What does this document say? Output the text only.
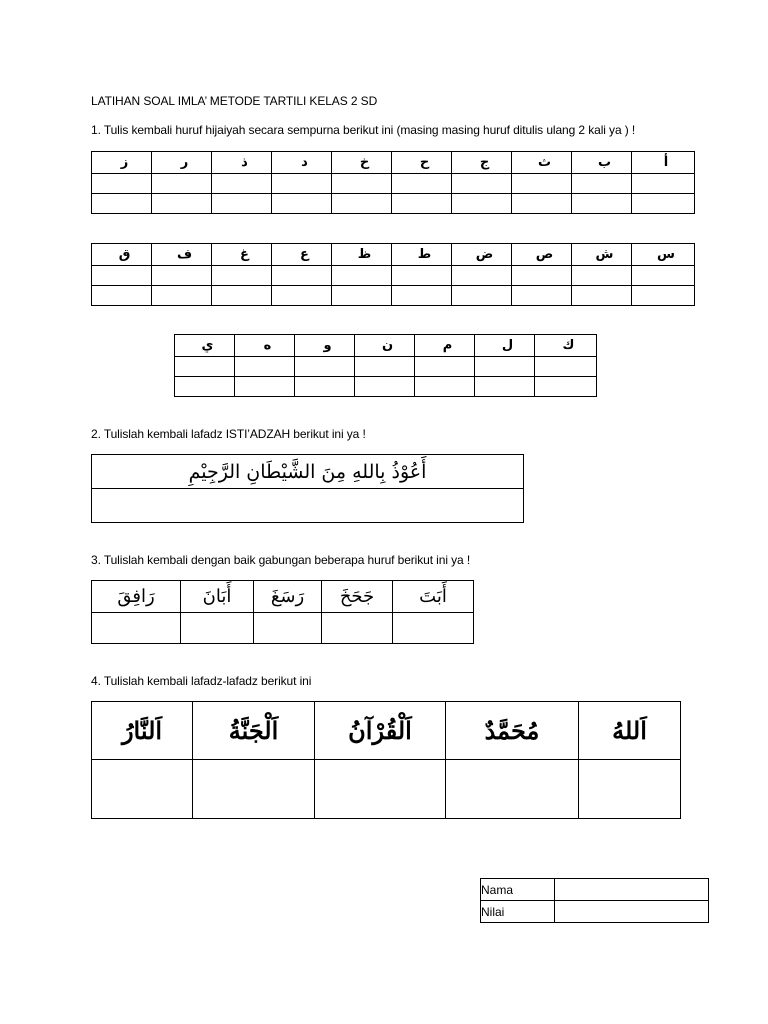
LATIHAN SOAL IMLA’ METODE TARTILI KELAS 2 SD
1. Tulis kembali huruf hijaiyah secara sempurna berikut ini (masing masing huruf ditulis ulang 2 kali ya ) !
ز	ر	ذ	د	خ	ح	ج	ث	ب	أ

ق	ف	غ	ع	ظ	ط	ض	ص	ش	س

ي	ه	و	ن	م	ل	ك

2. Tulislah kembali lafadz ISTI’ADZAH berikut ini ya !
أَعُوْذُ بِاللهِ مِنَ الشَّيْطَانِ الرَّجِيْمِ

3. Tulislah kembali dengan baik gabungan beberapa huruf berikut ini ya !
رَافِقَ	أَبَانَ	رَسَغَ	جَحَخَ	أَبَتَ

4. Tulislah kembali lafadz-lafadz berikut ini
اَلنَّارُ	اَلْجَنَّةُ	اَلْقُرْآنُ	مُحَمَّدٌ	اَللهُ

Nama	
Nilai	
